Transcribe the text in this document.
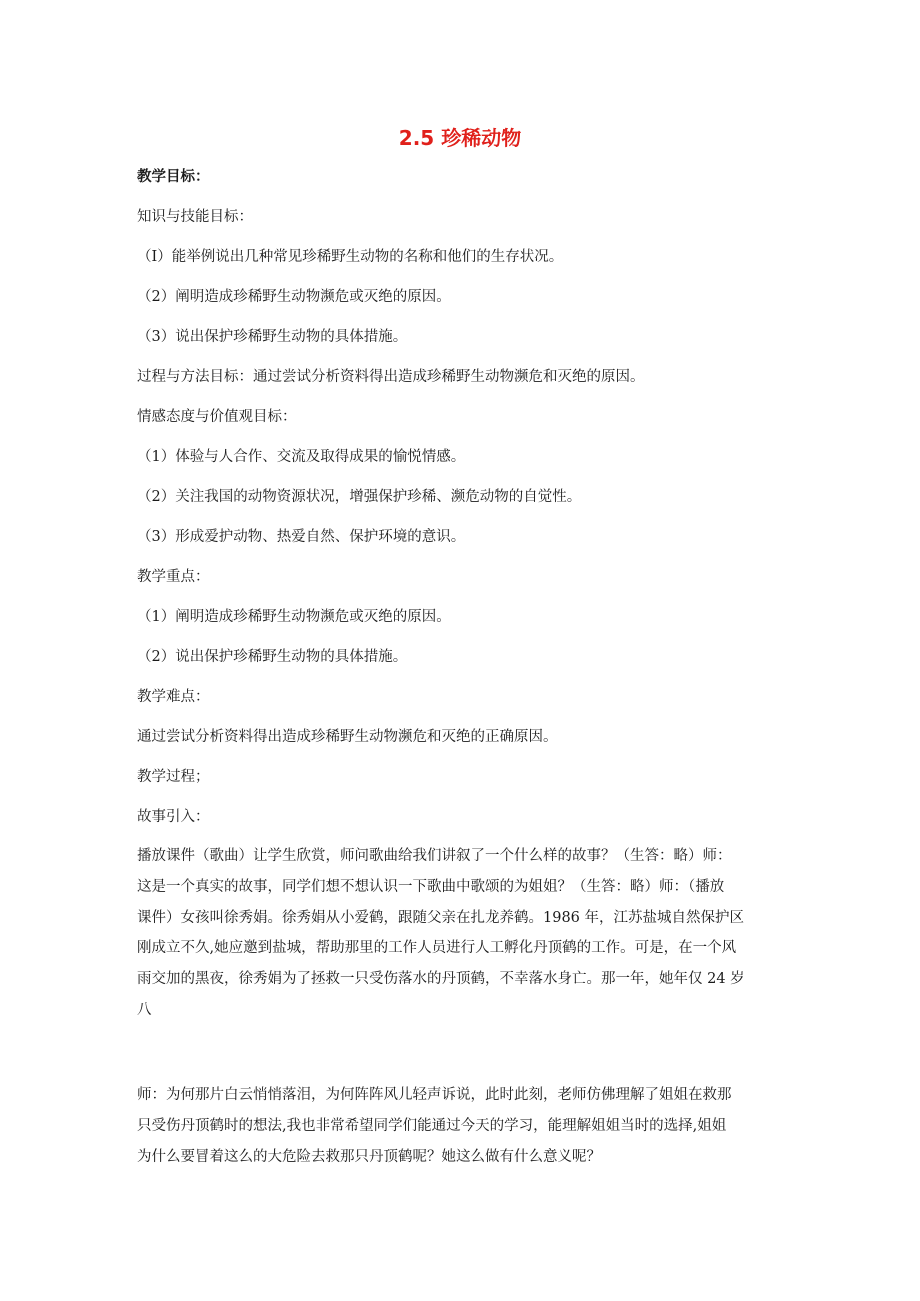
2.5 珍稀动物
教学目标：
知识与技能目标：
（I）能举例说出几种常见珍稀野生动物的名称和他们的生存状况。
（2）阐明造成珍稀野生动物濒危或灭绝的原因。
（3）说出保护珍稀野生动物的具体措施。
过程与方法目标：通过尝试分析资料得出造成珍稀野生动物濒危和灭绝的原因。
情感态度与价值观目标：
（1）体验与人合作、交流及取得成果的愉悦情感。
（2）关注我国的动物资源状况，增强保护珍稀、濒危动物的自觉性。
（3）形成爱护动物、热爱自然、保护环境的意识。
教学重点：
（1）阐明造成珍稀野生动物濒危或灭绝的原因。
（2）说出保护珍稀野生动物的具体措施。
教学难点：
通过尝试分析资料得出造成珍稀野生动物濒危和灭绝的正确原因。
教学过程；
故事引入：
播放课件（歌曲）让学生欣赏，师问歌曲给我们讲叙了一个什么样的故事？（生答：略）师：
这是一个真实的故事，同学们想不想认识一下歌曲中歌颂的为姐姐？（生答：略）师：（播放
课件）女孩叫徐秀娟。徐秀娟从小爱鹤，跟随父亲在扎龙养鹤。1986 年，江苏盐城自然保护区
刚成立不久,她应邀到盐城，帮助那里的工作人员进行人工孵化丹顶鹤的工作。可是，在一个风
雨交加的黑夜，徐秀娟为了拯救一只受伤落水的丹顶鹤，不幸落水身亡。那一年，她年仅 24 岁
八
师：为何那片白云悄悄落泪，为何阵阵风儿轻声诉说，此时此刻，老师仿佛理解了姐姐在救那
只受伤丹顶鹤时的想法,我也非常希望同学们能通过今天的学习，能理解姐姐当时的选择,姐姐
为什么要冒着这么的大危险去救那只丹顶鹤呢？她这么做有什么意义呢？
